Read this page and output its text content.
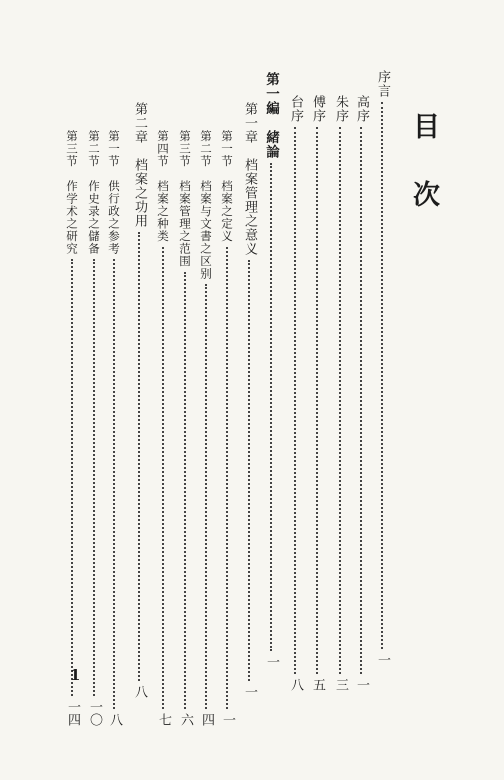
目 次
序言
一
高序
一
朱序
三
傅序
五
台序
八
第一編　緒論
一
第一章　档案管理之意义
一
第一节　档案之定义
一
第二节　档案与文書之区别
四
第三节　档案管理之范围
六
第四节　档案之种类
七
第二章　档案之功用
八
第一节　供行政之参考
八
第二节　作史录之儲备
一〇
第三节　作学术之研究
一四
1
